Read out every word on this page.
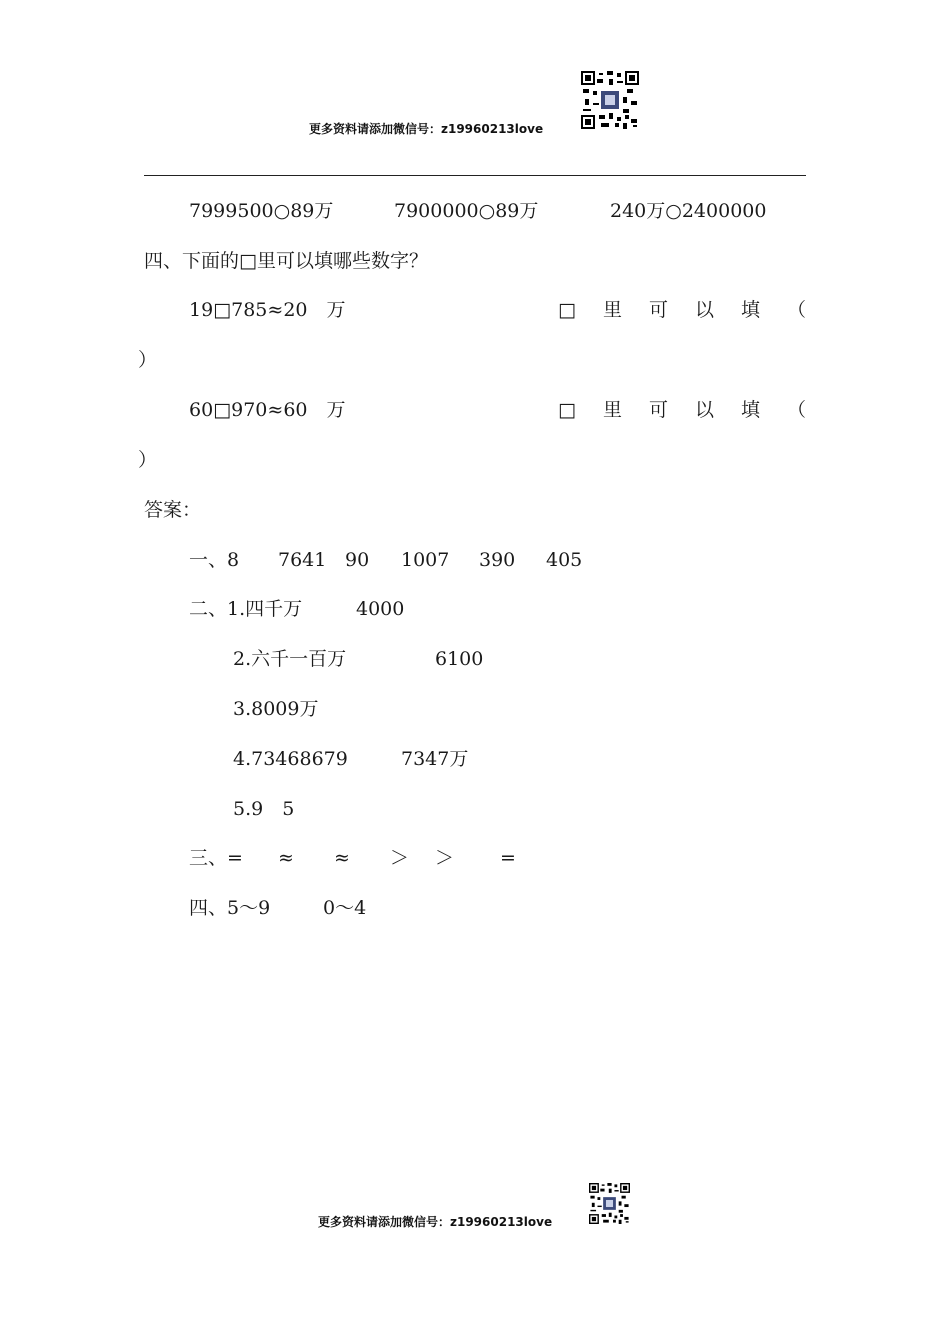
更多资料请添加微信号：z19960213love
7999500○89万	7900000○89万	240万○2400000
四、下面的□里可以填哪些数字？
19□785≈20　万	□ 里 可 以 填 （
）
60□970≈60　万	□ 里 可 以 填 （
）
答案：
一、8 7641 90 1007 390 405
二、1.四千万	4000
2.六千一百万	6100
3.8009万
4.73468679	7347万
5.9　5
三、= ≈ ≈ ＞ ＞ =
四、5～9	0～4
更多资料请添加微信号：z19960213love
